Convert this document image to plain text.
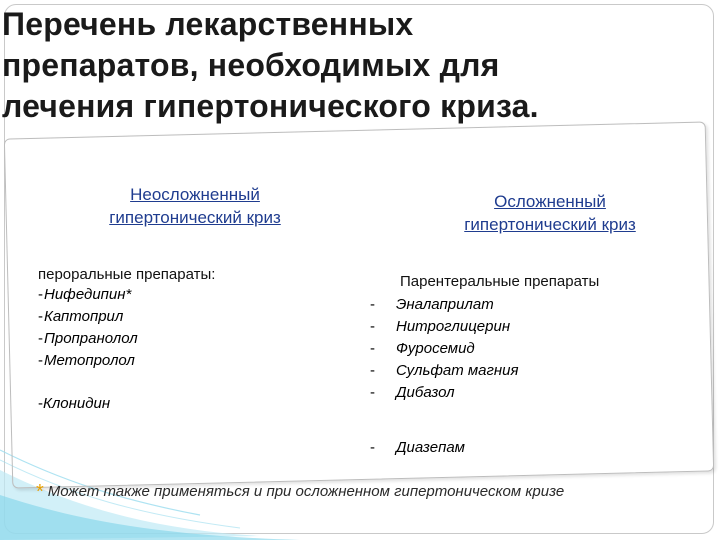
Перечень лекарственных
препаратов, необходимых для
лечения гипертонического криза.
Неосложненный
гипертонический криз
Осложненный
гипертонический криз
пероральные препараты:
-Нифедипин*
-Каптоприл
-Пропранолол
-Метопролол
-Клонидин
Парентеральные препараты
-	Эналаприлат
-	Нитроглицерин
-	Фуросемид
-	Сульфат магния
-	Дибазол
-	Диазепам
* Может также применяться и при осложненном гипертоническом кризе
